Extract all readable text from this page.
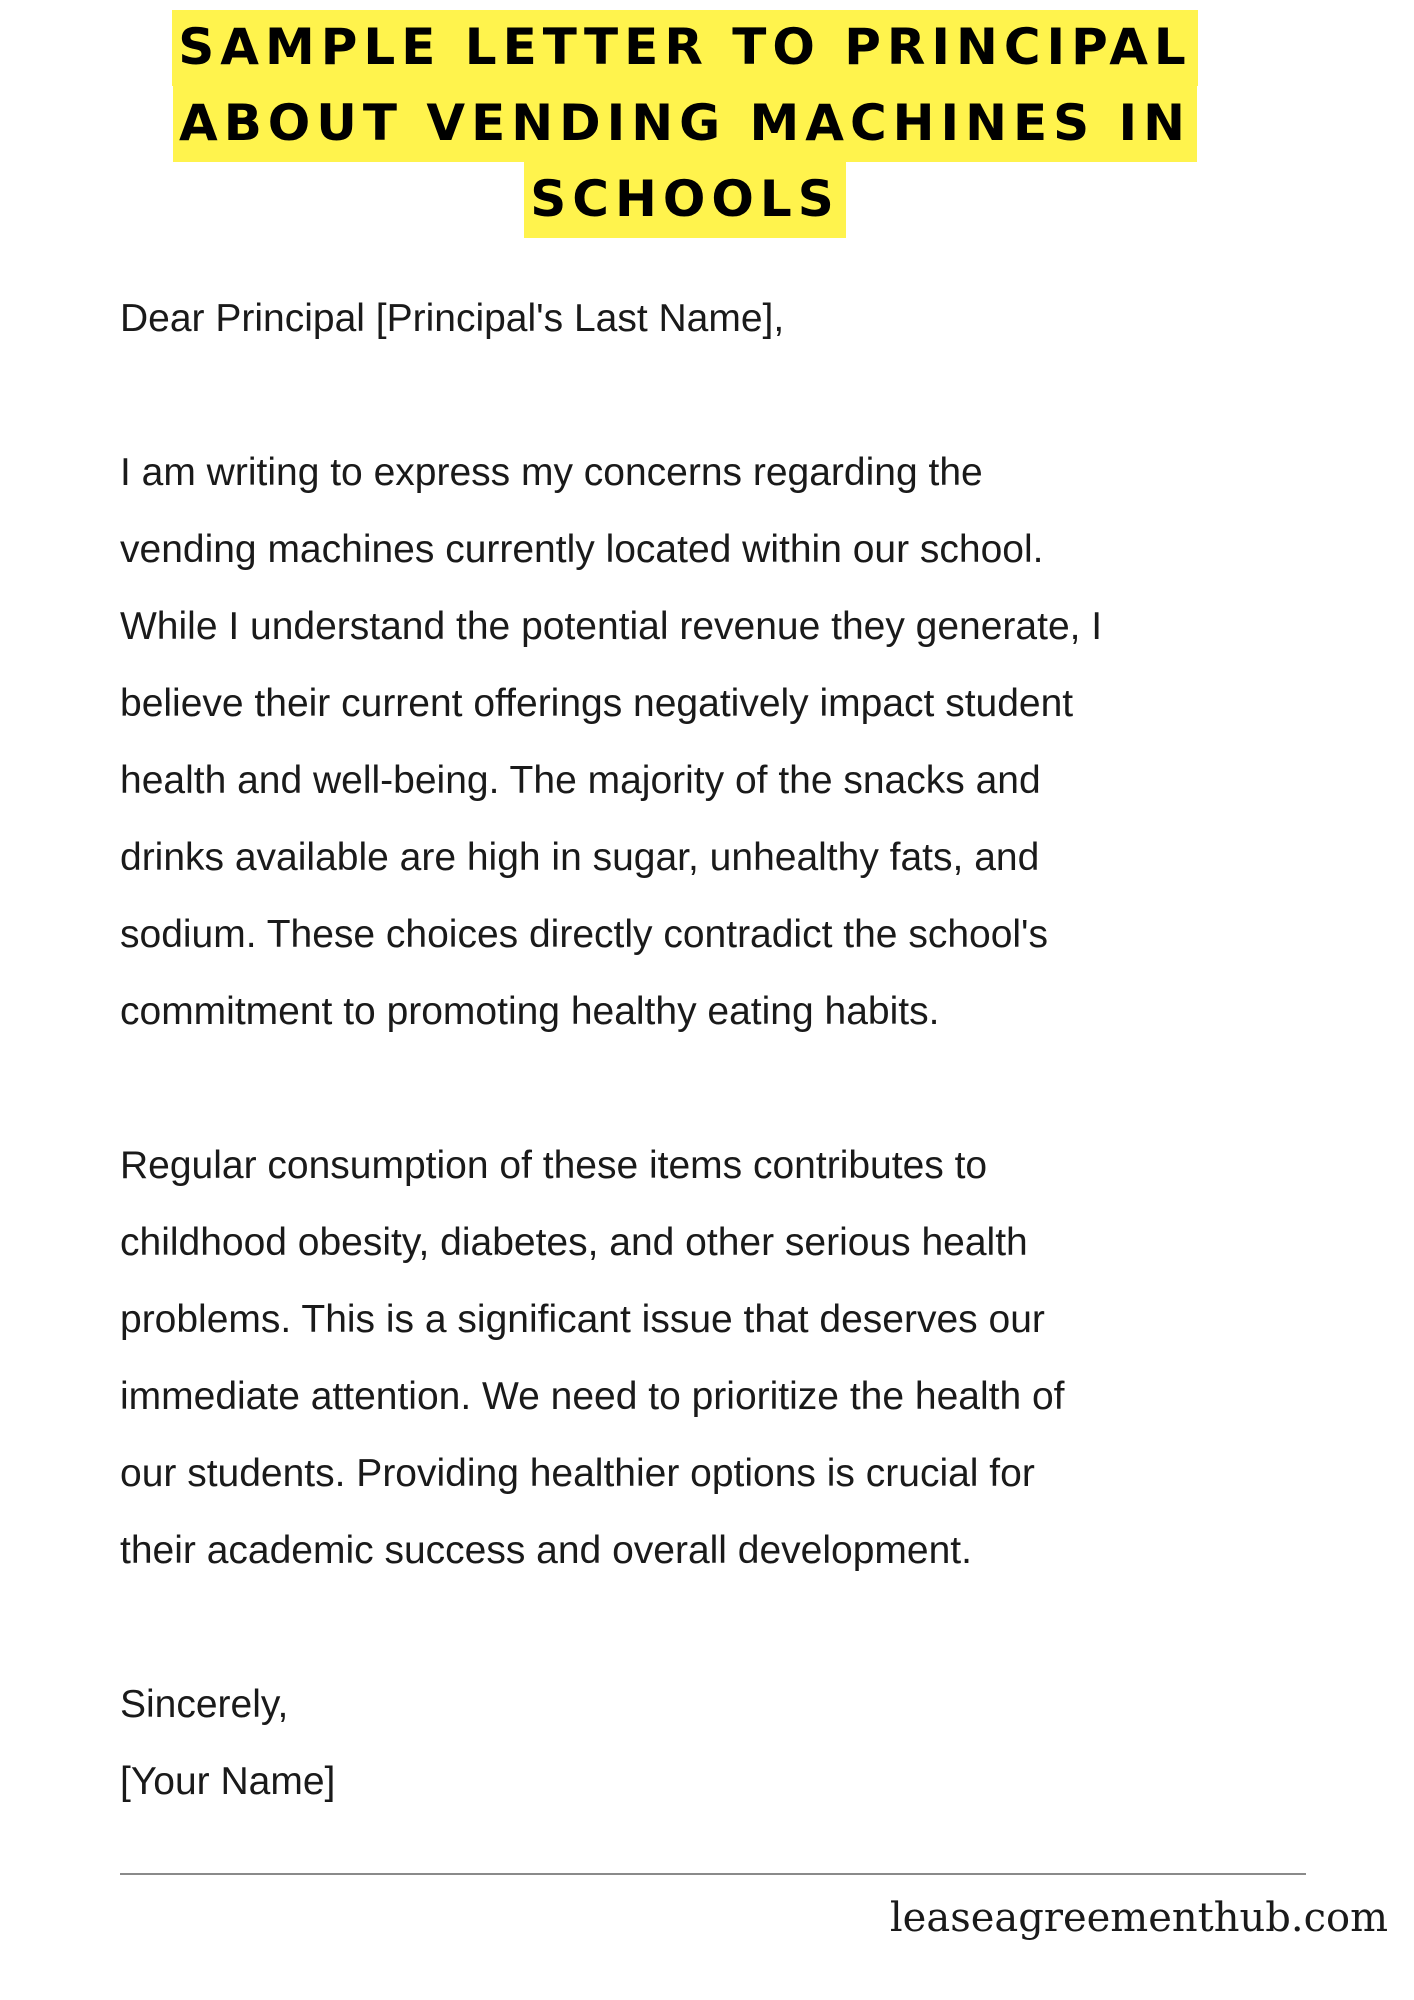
SAMPLE LETTER TO PRINCIPAL
ABOUT VENDING MACHINES IN
SCHOOLS

Dear Principal [Principal's Last Name],

I am writing to express my concerns regarding the

vending machines currently located within our school.

While I understand the potential revenue they generate, I

believe their current offerings negatively impact student

health and well-being. The majority of the snacks and

drinks available are high in sugar, unhealthy fats, and

sodium. These choices directly contradict the school's

commitment to promoting healthy eating habits.

Regular consumption of these items contributes to

childhood obesity, diabetes, and other serious health

problems. This is a significant issue that deserves our

immediate attention. We need to prioritize the health of

our students. Providing healthier options is crucial for

their academic success and overall development.

Sincerely,

[Your Name]

leaseagreementhub.com
